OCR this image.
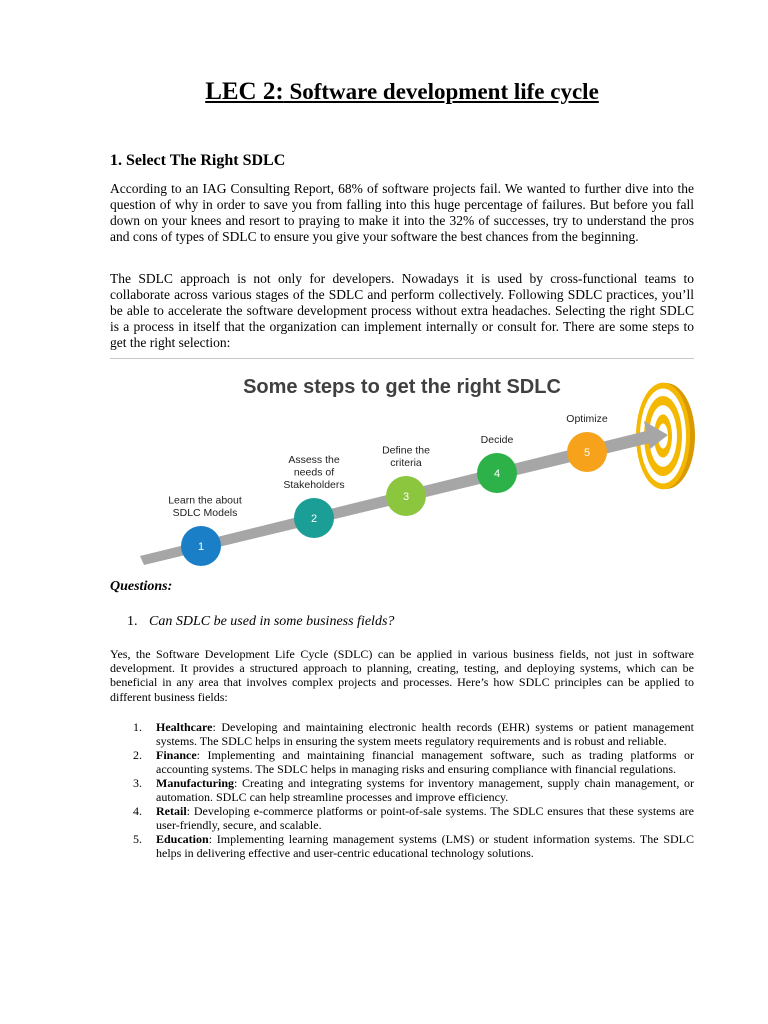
LEC 2: Software development life cycle
1. Select The Right SDLC
According to an IAG Consulting Report, 68% of software projects fail. We wanted to further dive into the question of why in order to save you from falling into this huge percentage of failures. But before you fall down on your knees and resort to praying to make it into the 32% of successes, try to understand the pros and cons of types of SDLC to ensure you give your software the best chances from the beginning.
The SDLC approach is not only for developers. Nowadays it is used by cross-functional teams to collaborate across various stages of the SDLC and perform collectively. Following SDLC practices, you’ll be able to accelerate the software development process without extra headaches. Selecting the right SDLC is a process in itself that the organization can implement internally or consult for. There are some steps to get the right selection:
Some steps to get the right SDLC
1
Learn the about
SDLC Models	2
Assess the
needs of
Stakeholders
3
Define the
criteria
4
Decide
5
Optimize
Questions:
1. Can SDLC be used in some business fields?
Yes, the Software Development Life Cycle (SDLC) can be applied in various business fields, not just in software development. It provides a structured approach to planning, creating, testing, and deploying systems, which can be beneficial in any area that involves complex projects and processes. Here’s how SDLC principles can be applied to different business fields:
1. Healthcare: Developing and maintaining electronic health records (EHR) systems or patient management systems. The SDLC helps in ensuring the system meets regulatory requirements and is robust and reliable.
2. Finance: Implementing and maintaining financial management software, such as trading platforms or accounting systems. The SDLC helps in managing risks and ensuring compliance with financial regulations.
3. Manufacturing: Creating and integrating systems for inventory management, supply chain management, or automation. SDLC can help streamline processes and improve efficiency.
4. Retail: Developing e-commerce platforms or point-of-sale systems. The SDLC ensures that these systems are user-friendly, secure, and scalable.
5. Education: Implementing learning management systems (LMS) or student information systems. The SDLC helps in delivering effective and user-centric educational technology solutions.
